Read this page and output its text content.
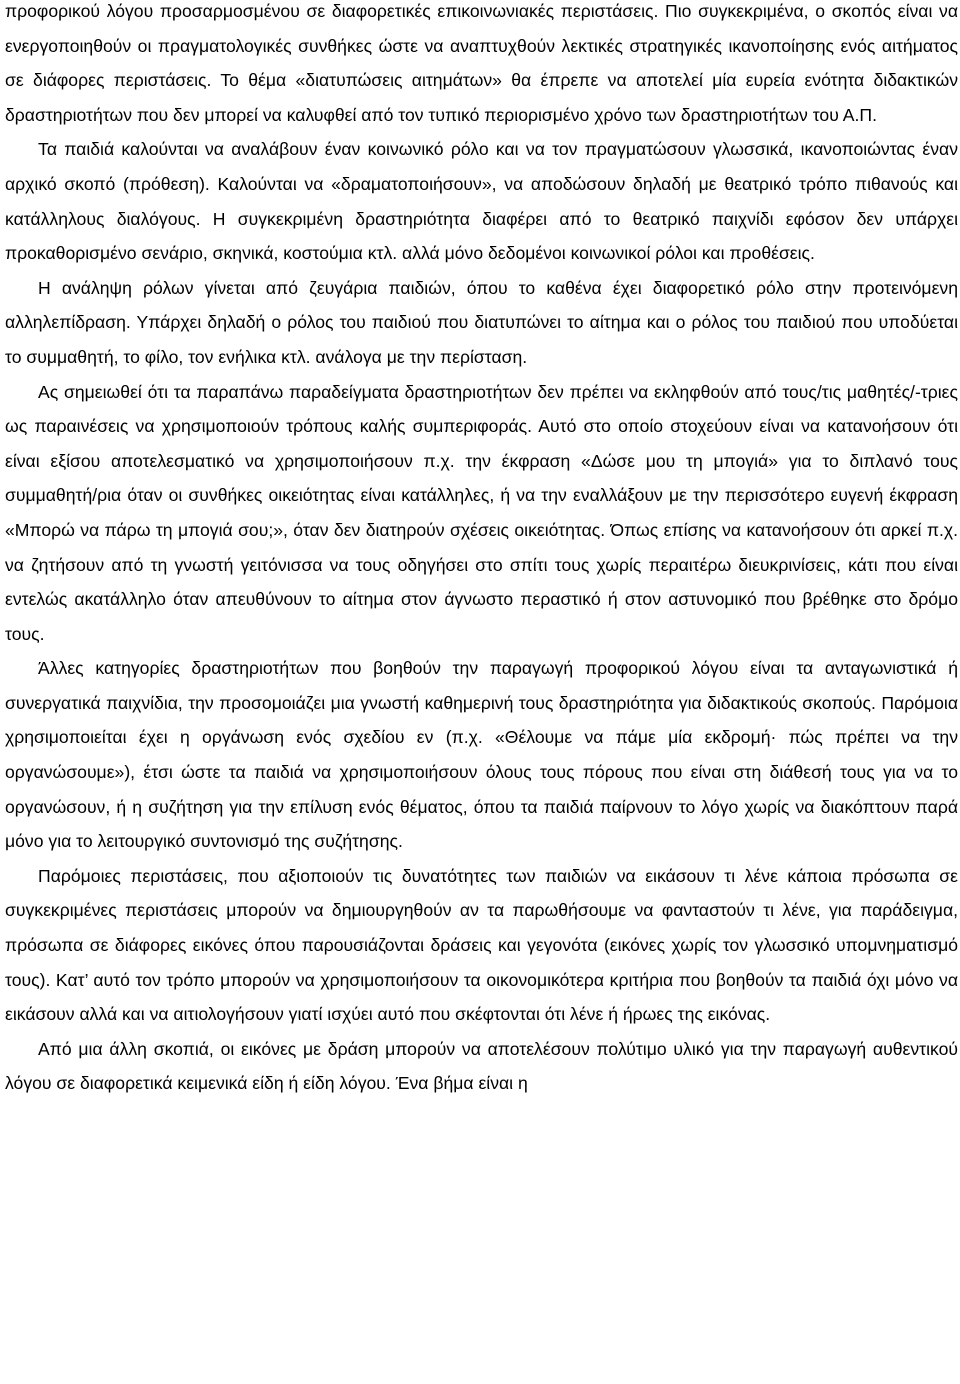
προφορικού λόγου προσαρμοσμένου σε διαφορετικές επικοινωνιακές περιστάσεις. Πιο συγκεκριμένα, ο σκοπός είναι να ενεργοποιηθούν οι πραγματολογικές συνθήκες ώστε να αναπτυχθούν λεκτικές στρατηγικές ικανοποίησης ενός αιτήματος σε διάφορες περιστάσεις. Το θέμα «διατυπώσεις αιτημάτων» θα έπρεπε να αποτελεί μία ευρεία ενότητα διδακτικών δραστηριοτήτων που δεν μπορεί να καλυφθεί από τον τυπικό περιορισμένο χρόνο των δραστηριοτήτων του Α.Π.

Τα παιδιά καλούνται να αναλάβουν έναν κοινωνικό ρόλο και να τον πραγματώσουν γλωσσικά, ικανοποιώντας έναν αρχικό σκοπό (πρόθεση). Καλούνται να «δραματοποιήσουν», να αποδώσουν δηλαδή με θεατρικό τρόπο πιθανούς και κατάλληλους διαλόγους. Η συγκεκριμένη δραστηριότητα διαφέρει από το θεατρικό παιχνίδι εφόσον δεν υπάρχει προκαθορισμένο σενάριο, σκηνικά, κοστούμια κτλ. αλλά μόνο δεδομένοι κοινωνικοί ρόλοι και προθέσεις.

Η ανάληψη ρόλων γίνεται από ζευγάρια παιδιών, όπου το καθένα έχει διαφορετικό ρόλο στην προτεινόμενη αλληλεπίδραση. Υπάρχει δηλαδή ο ρόλος του παιδιού που διατυπώνει το αίτημα και ο ρόλος του παιδιού που υποδύεται το συμμαθητή, το φίλο, τον ενήλικα κτλ. ανάλογα με την περίσταση.

Ας σημειωθεί ότι τα παραπάνω παραδείγματα δραστηριοτήτων δεν πρέπει να εκληφθούν από τους/τις μαθητές/-τριες ως παραινέσεις να χρησιμοποιούν τρόπους καλής συμπεριφοράς. Αυτό στο οποίο στοχεύουν είναι να κατανοήσουν ότι είναι εξίσου αποτελεσματικό να χρησιμοποιήσουν π.χ. την έκφραση «Δώσε μου τη μπογιά» για το διπλανό τους συμμαθητή/ρια όταν οι συνθήκες οικειότητας είναι κατάλληλες, ή να την εναλλάξουν με την περισσότερο ευγενή έκφραση «Μπορώ να πάρω τη μπογιά σου;», όταν δεν διατηρούν σχέσεις οικειότητας. Όπως επίσης να κατανοήσουν ότι αρκεί π.χ. να ζητήσουν από τη γνωστή γειτόνισσα να τους οδηγήσει στο σπίτι τους χωρίς περαιτέρω διευκρινίσεις, κάτι που είναι εντελώς ακατάλληλο όταν απευθύνουν το αίτημα στον άγνωστο περαστικό ή στον αστυνομικό που βρέθηκε στο δρόμο τους.

Άλλες κατηγορίες δραστηριοτήτων που βοηθούν την παραγωγή προφορικού λόγου είναι τα ανταγωνιστικά ή συνεργατικά παιχνίδια, την προσομοιάζει μια γνωστή καθημερινή τους δραστηριότητα για διδακτικούς σκοπούς. Παρόμοια χρησιμοποιείται έχει η οργάνωση ενός σχεδίου εν (π.χ. «Θέλουμε να πάμε μία εκδρομή· πώς πρέπει να την οργανώσουμε»), έτσι ώστε τα παιδιά να χρησιμοποιήσουν όλους τους πόρους που είναι στη διάθεσή τους για να το οργανώσουν, ή η συζήτηση για την επίλυση ενός θέματος, όπου τα παιδιά παίρνουν το λόγο χωρίς να διακόπτουν παρά μόνο για το λειτουργικό συντονισμό της συζήτησης.

Παρόμοιες περιστάσεις, που αξιοποιούν τις δυνατότητες των παιδιών να εικάσουν τι λένε κάποια πρόσωπα σε συγκεκριμένες περιστάσεις μπορούν να δημιουργηθούν αν τα παρωθήσουμε να φανταστούν τι λένε, για παράδειγμα, πρόσωπα σε διάφορες εικόνες όπου παρουσιάζονται δράσεις και γεγονότα (εικόνες χωρίς τον γλωσσικό υπομνηματισμό τους). Κατ’ αυτό τον τρόπο μπορούν να χρησιμοποιήσουν τα οικονομικότερα κριτήρια που βοηθούν τα παιδιά όχι μόνο να εικάσουν αλλά και να αιτιολογήσουν γιατί ισχύει αυτό που σκέφτονται ότι λένε ή ήρωες της εικόνας.

Από μια άλλη σκοπιά, οι εικόνες με δράση μπορούν να αποτελέσουν πολύτιμο υλικό για την παραγωγή αυθεντικού λόγου σε διαφορετικά κειμενικά είδη ή είδη λόγου. Ένα βήμα είναι η
